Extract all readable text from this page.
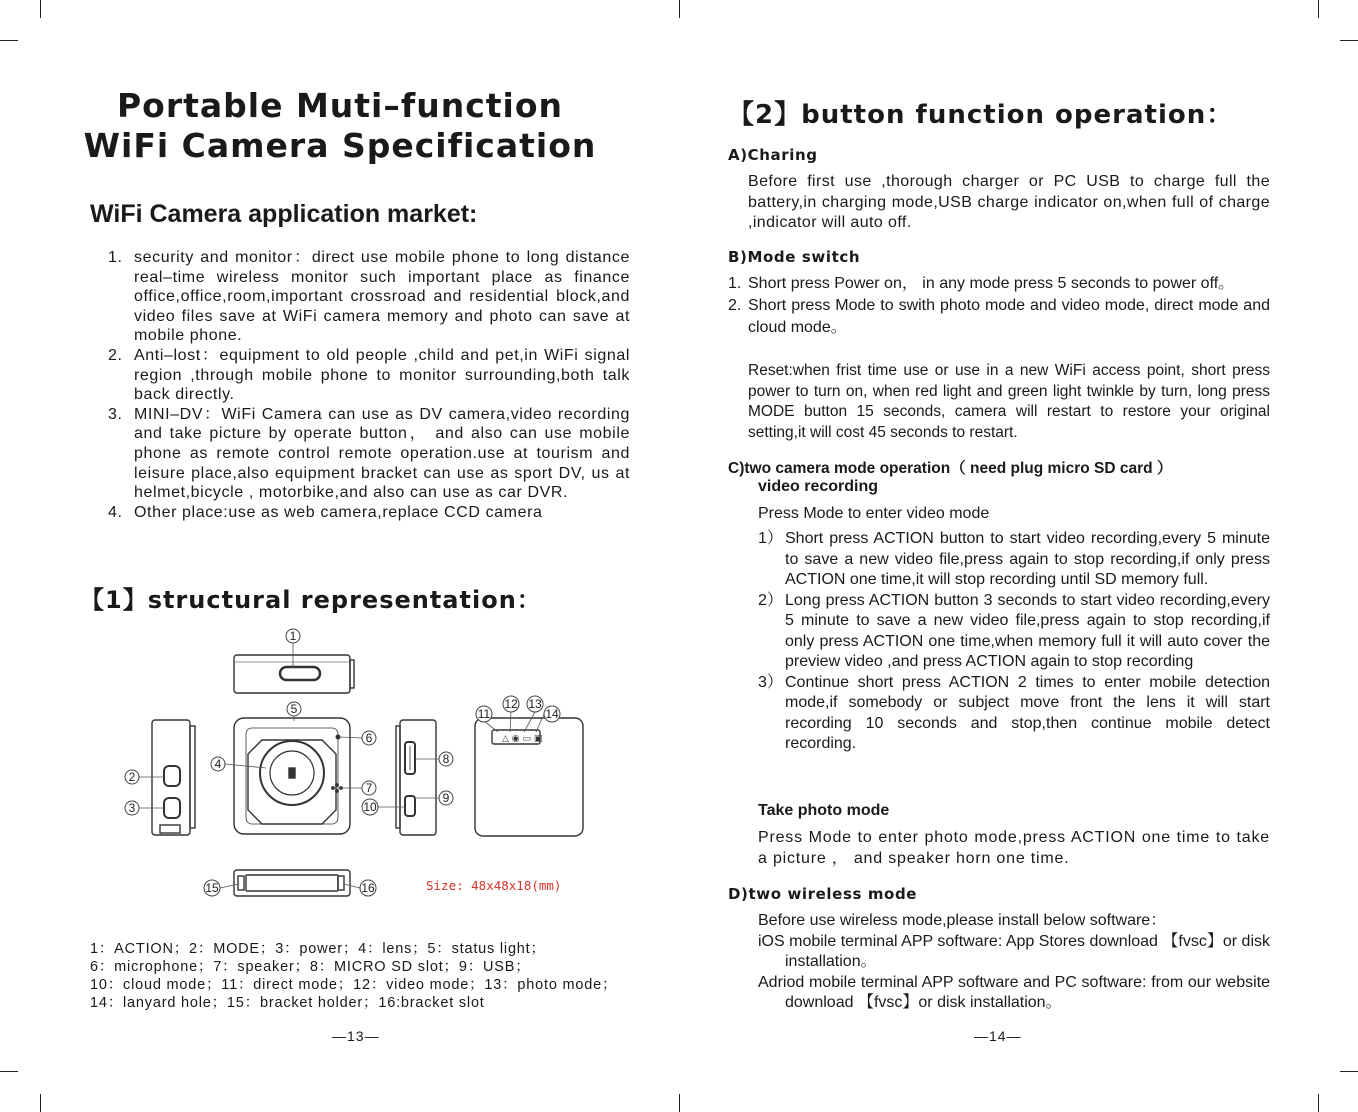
Portable Muti–function
WiFi Camera Specification
WiFi Camera application market:
1. security and monitor：direct use mobile phone to long distance real–time wireless monitor such important place as finance office,office,room,important crossroad and residential block,and video files save at WiFi camera memory and photo can save at mobile phone.
2. Anti–lost：equipment to old people ,child and pet,in WiFi signal region ,through mobile phone to monitor surrounding,both talk back directly.
3. MINI–DV：WiFi Camera can use as DV camera,video recording and take picture by operate button， and also can use mobile phone as remote control remote operation.use at tourism and leisure place,also equipment bracket can use as sport DV, us at helmet,bicycle , motorbike,and also can use as car DVR.
4. Other place:use as web camera,replace CCD camera
【1】structural representation：
△ ◉ ▭ ▣
1
2
3
4
5
6
7
8
9
10
11
12 13
14
15	16	Size: 48x48x18(mm)
1：ACTION；2：MODE；3：power；4：lens；5：status light；
6：microphone；7：speaker；8：MICRO SD slot；9：USB；
10：cloud mode；11：direct mode；12：video mode；13：photo mode；
14：lanyard hole；15：bracket holder；16:bracket slot
—13—
【2】button function operation：
A)Charing
Before first use ,thorough charger or PC USB to charge full the battery,in charging mode,USB charge indicator on,when full of charge ,indicator will auto off.
B)Mode switch
1. Short press Power on， in any mode press 5 seconds to power off。
2. Short press Mode to swith photo mode and video mode, direct mode and cloud mode。
Reset:when frist time use or use in a new WiFi access point, short press power to turn on, when red light and green light twinkle by turn, long press MODE button 15 seconds, camera will restart to restore your original setting,it will cost 45 seconds to restart.
C)two camera mode operation（ need plug micro SD card ）
video recording
Press Mode to enter video mode
1） Short press ACTION button to start video recording,every 5 minute to save a new video file,press again to stop recording,if only press ACTION one time,it will stop recording until SD memory full.
2） Long press ACTION button 3 seconds to start video recording,every 5 minute to save a new video file,press again to stop recording,if only press ACTION one time,when memory full it will auto cover the preview video ,and press ACTION again to stop recording
3） Continue short press ACTION 2 times to enter mobile detection mode,if somebody or subject move front the lens it will start recording 10 seconds and stop,then continue mobile detect recording.
Take photo mode
Press Mode to enter photo mode,press ACTION one time to take a picture ， and speaker horn one time.
D)two wireless mode
Before use wireless mode,please install below software：
iOS mobile terminal APP software: App Stores download 【fvsc】or disk installation。
Adriod mobile terminal APP software and PC software: from our website download 【fvsc】or disk installation。
—14—
